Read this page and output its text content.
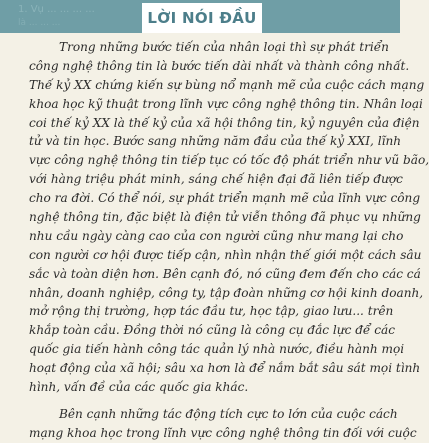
1. Vụ ... ... ... ...
là ... ... ...	LỜI NÓI ĐẦU
Trong những bước tiến của nhân loại thì sự phát triển
công nghệ thông tin là bước tiến dài nhất và thành công nhất.
Thế kỷ XX chứng kiến sự bùng nổ mạnh mẽ của cuộc cách mạng
khoa học kỹ thuật trong lĩnh vực công nghệ thông tin. Nhân loại
coi thế kỷ XX là thế kỷ của xã hội thông tin, kỷ nguyên của điện
tử và tin học. Bước sang những năm đầu của thế kỷ XXI, lĩnh
vực công nghệ thông tin tiếp tục có tốc độ phát triển như vũ bão,
với hàng triệu phát minh, sáng chế hiện đại đã liên tiếp được
cho ra đời. Có thể nói, sự phát triển mạnh mẽ của lĩnh vực công
nghệ thông tin, đặc biệt là điện tử viễn thông đã phục vụ những
nhu cầu ngày càng cao của con người cũng như mang lại cho
con người cơ hội được tiếp cận, nhìn nhận thế giới một cách sâu
sắc và toàn diện hơn. Bên cạnh đó, nó cũng đem đến cho các cá
nhân, doanh nghiệp, công ty, tập đoàn những cơ hội kinh doanh,
mở rộng thị trường, hợp tác đầu tư, học tập, giao lưu... trên
khắp toàn cầu. Đồng thời nó cũng là công cụ đắc lực để các
quốc gia tiến hành công tác quản lý nhà nước, điều hành mọi
hoạt động của xã hội; sâu xa hơn là để nắm bắt sâu sát mọi tình
hình, vấn đề của các quốc gia khác.
Bên cạnh những tác động tích cực to lớn của cuộc cách
mạng khoa học trong lĩnh vực công nghệ thông tin đối với cuộc
